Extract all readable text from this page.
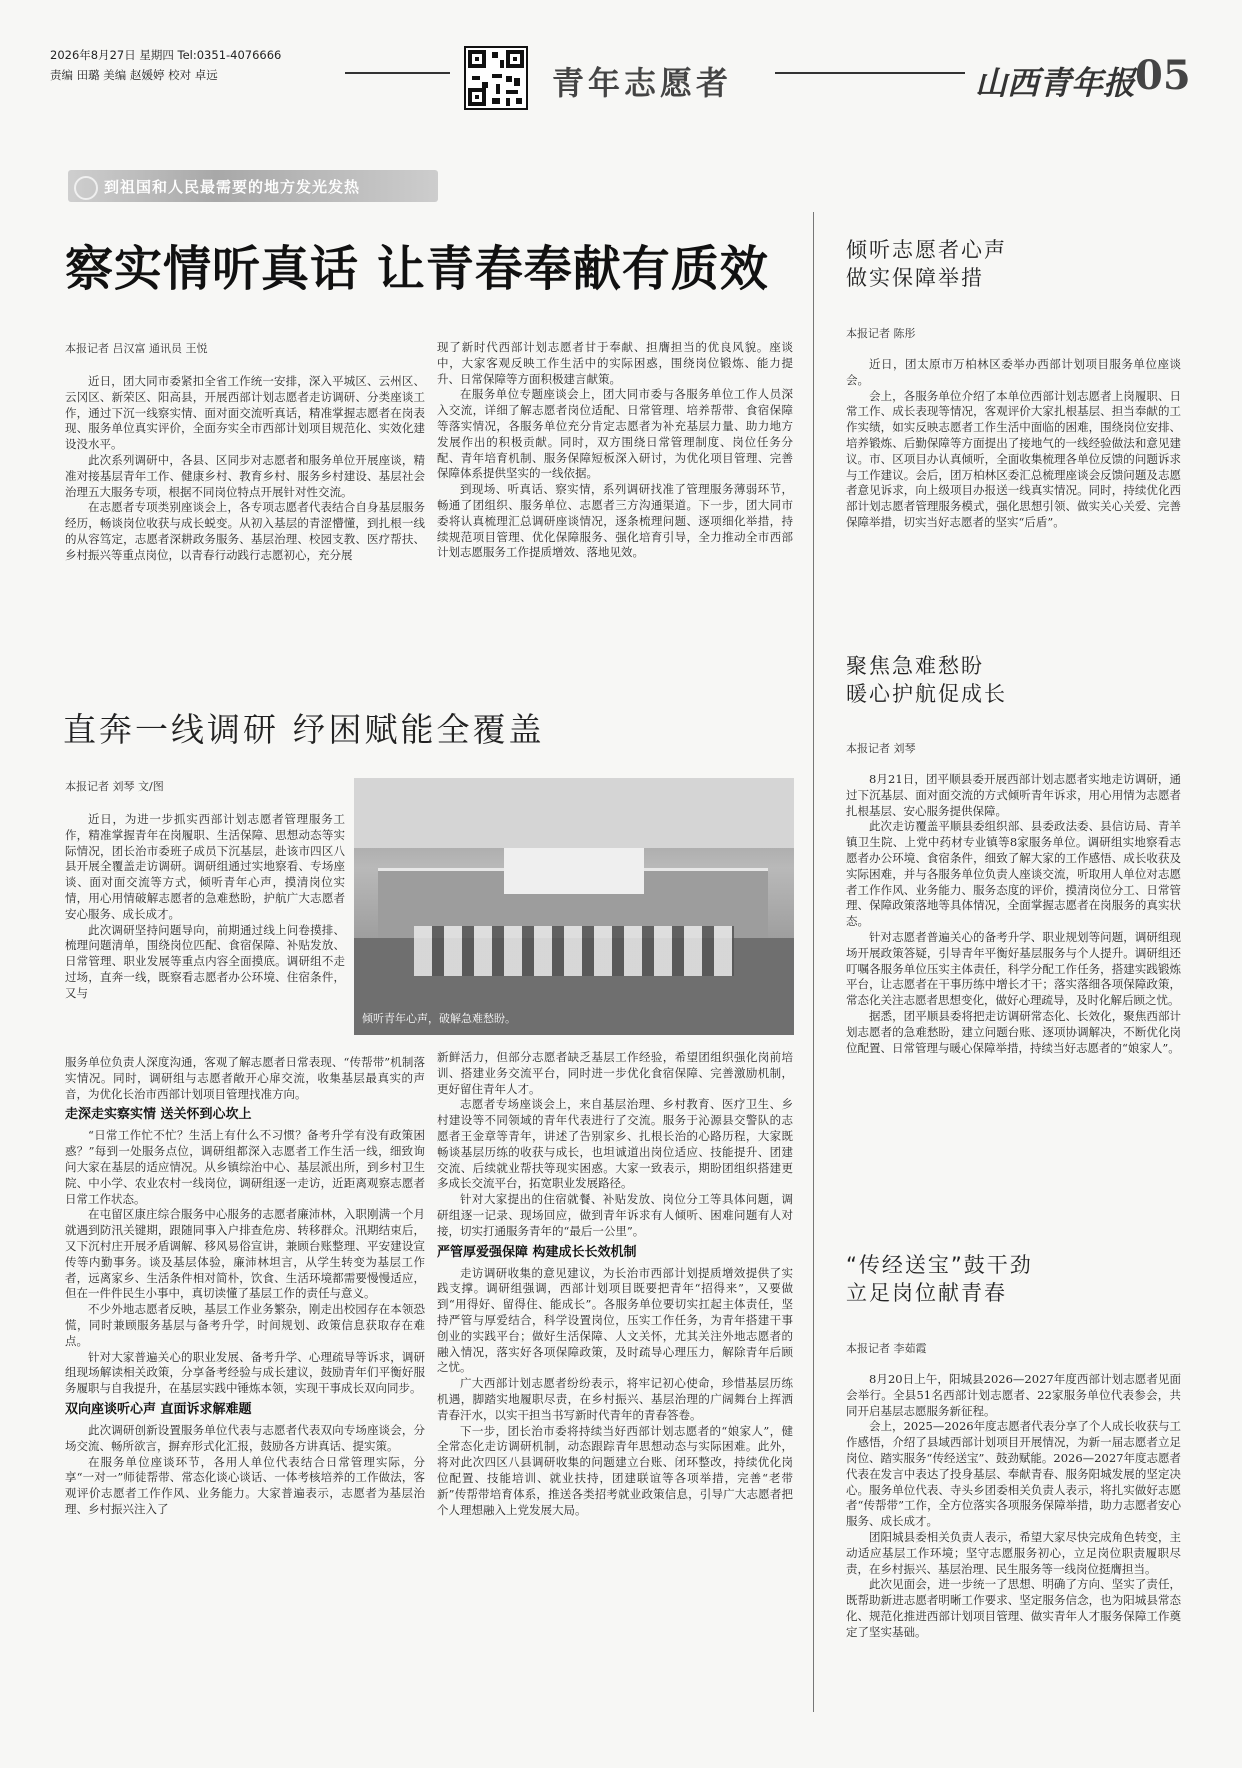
2026年8月27日 星期四 Tel:0351-4076666
责编 田璐 美编 赵媛婷 校对 卓远	青年志愿者	山西青年报 05
到祖国和人民最需要的地方发光发热
察实情听真话 让青春奉献有质效
本报记者 吕汉富 通讯员 王悦

近日，团大同市委紧扣全省工作统一安排，深入平城区、云州区、云冈区、新荣区、阳高县，开展西部计划志愿者走访调研、分类座谈工作，通过下沉一线察实情、面对面交流听真话，精准掌握志愿者在岗表现、服务单位真实评价，全面夯实全市西部计划项目规范化、实效化建设没水平。

此次系列调研中，各县、区同步对志愿者和服务单位开展座谈，精准对接基层青年工作、健康乡村、教育乡村、服务乡村建设、基层社会治理五大服务专项，根据不同岗位特点开展针对性交流。

在志愿者专项类别座谈会上，各专项志愿者代表结合自身基层服务经历，畅谈岗位收获与成长蜕变。从初入基层的青涩懵懂，到扎根一线的从容笃定，志愿者深耕政务服务、基层治理、校园支教、医疗帮扶、乡村振兴等重点岗位，以青春行动践行志愿初心，充分展

现了新时代西部计划志愿者甘于奉献、担膺担当的优良风貌。座谈中，大家客观反映工作生活中的实际困惑，围绕岗位锻炼、能力提升、日常保障等方面积极建言献策。

在服务单位专题座谈会上，团大同市委与各服务单位工作人员深入交流，详细了解志愿者岗位适配、日常管理、培养帮带、食宿保障等落实情况，各服务单位充分肯定志愿者为补充基层力量、助力地方发展作出的积极贡献。同时，双方围绕日常管理制度、岗位任务分配、青年培育机制、服务保障短板深入研讨，为优化项目管理、完善保障体系提供坚实的一线依据。

到现场、听真话、察实情，系列调研找准了管理服务薄弱环节，畅通了团组织、服务单位、志愿者三方沟通渠道。下一步，团大同市委将认真梳理汇总调研座谈情况，逐条梳理问题、逐项细化举措，持续规范项目管理、优化保障服务、强化培育引导，全力推动全市西部计划志愿服务工作提质增效、落地见效。

直奔一线调研 纾困赋能全覆盖
本报记者 刘琴 文/图
倾听青年心声，破解急难愁盼。

近日，为进一步抓实西部计划志愿者管理服务工作，精准掌握青年在岗履职、生活保障、思想动态等实际情况，团长治市委班子成员下沉基层，赴该市四区八县开展全覆盖走访调研。调研组通过实地察看、专场座谈、面对面交流等方式，倾听青年心声，摸清岗位实情，用心用情破解志愿者的急难愁盼，护航广大志愿者安心服务、成长成才。

此次调研坚持问题导向，前期通过线上问卷摸排、梳理问题清单，围绕岗位匹配、食宿保障、补贴发放、日常管理、职业发展等重点内容全面摸底。调研组不走过场，直奔一线，既察看志愿者办公环境、住宿条件，又与

服务单位负责人深度沟通，客观了解志愿者日常表现、“传帮带”机制落实情况。同时，调研组与志愿者敞开心扉交流，收集基层最真实的声音，为优化长治市西部计划项目管理找准方向。

走深走实察实情 送关怀到心坎上

“日常工作忙不忙？生活上有什么不习惯？备考升学有没有政策困惑？”每到一处服务点位，调研组都深入志愿者工作生活一线，细致询问大家在基层的适应情况。从乡镇综治中心、基层派出所，到乡村卫生院、中小学、农业农村一线岗位，调研组逐一走访，近距离观察志愿者日常工作状态。

在屯留区康庄综合服务中心服务的志愿者廉沛林，入职刚满一个月就遇到防汛关键期，跟随同事入户排查危房、转移群众。汛期结束后，又下沉村庄开展矛盾调解、移风易俗宣讲，兼顾台账整理、平安建设宣传等内勤事务。谈及基层体验，廉沛林坦言，从学生转变为基层工作者，远离家乡、生活条件相对简朴，饮食、生活环境都需要慢慢适应，但在一件件民生小事中，真切读懂了基层工作的责任与意义。

不少外地志愿者反映，基层工作业务繁杂，刚走出校园存在本领恐慌，同时兼顾服务基层与备考升学，时间规划、政策信息获取存在难点。

针对大家普遍关心的职业发展、备考升学、心理疏导等诉求，调研组现场解读相关政策，分享备考经验与成长建议，鼓励青年们平衡好服务履职与自我提升，在基层实践中锤炼本领，实现干事成长双向同步。

双向座谈听心声 直面诉求解难题

此次调研创新设置服务单位代表与志愿者代表双向专场座谈会，分场交流、畅所欲言，摒弃形式化汇报，鼓励各方讲真话、提实策。

在服务单位座谈环节，各用人单位代表结合日常管理实际，分享“一对一”师徒帮带、常态化谈心谈话、一体考核培养的工作做法，客观评价志愿者工作作风、业务能力。大家普遍表示，志愿者为基层治理、乡村振兴注入了

新鲜活力，但部分志愿者缺乏基层工作经验，希望团组织强化岗前培训、搭建业务交流平台，同时进一步优化食宿保障、完善激励机制，更好留住青年人才。

志愿者专场座谈会上，来自基层治理、乡村教育、医疗卫生、乡村建设等不同领域的青年代表进行了交流。服务于沁源县交警队的志愿者王金章等青年，讲述了告别家乡、扎根长治的心路历程，大家既畅谈基层历练的收获与成长，也坦诚道出岗位适应、技能提升、团建交流、后续就业帮扶等现实困惑。大家一致表示，期盼团组织搭建更多成长交流平台，拓宽职业发展路径。

针对大家提出的住宿就餐、补贴发放、岗位分工等具体问题，调研组逐一记录、现场回应，做到青年诉求有人倾听、困难问题有人对接，切实打通服务青年的“最后一公里”。

严管厚爱强保障 构建成长长效机制

走访调研收集的意见建议，为长治市西部计划提质增效提供了实践支撑。调研组强调，西部计划项目既要把青年“招得来”，又要做到“用得好、留得住、能成长”。各服务单位要切实扛起主体责任，坚持严管与厚爱结合，科学设置岗位，压实工作任务，为青年搭建干事创业的实践平台；做好生活保障、人文关怀，尤其关注外地志愿者的融入情况，落实好各项保障政策，及时疏导心理压力，解除青年后顾之忧。

广大西部计划志愿者纷纷表示，将牢记初心使命，珍惜基层历练机遇，脚踏实地履职尽责，在乡村振兴、基层治理的广阔舞台上挥洒青春汗水，以实干担当书写新时代青年的青春答卷。

下一步，团长治市委将持续当好西部计划志愿者的“娘家人”，健全常态化走访调研机制，动态跟踪青年思想动态与实际困难。此外，将对此次四区八县调研收集的问题建立台账、闭环整改，持续优化岗位配置、技能培训、就业扶持，团建联谊等各项举措，完善“老带新”传帮带培育体系，推送各类招考就业政策信息，引导广大志愿者把个人理想融入上党发展大局。

倾听志愿者心声
做实保障举措
本报记者 陈彤

近日，团太原市万柏林区委举办西部计划项目服务单位座谈会。

会上，各服务单位介绍了本单位西部计划志愿者上岗履职、日常工作、成长表现等情况，客观评价大家扎根基层、担当奉献的工作实绩，如实反映志愿者工作生活中面临的困难，围绕岗位安排、培养锻炼、后勤保障等方面提出了接地气的一线经验做法和意见建议。市、区项目办认真倾听，全面收集梳理各单位反馈的问题诉求与工作建议。会后，团万柏林区委汇总梳理座谈会反馈问题及志愿者意见诉求，向上级项目办报送一线真实情况。同时，持续优化西部计划志愿者管理服务模式，强化思想引领、做实关心关爱、完善保障举措，切实当好志愿者的坚实“后盾”。

聚焦急难愁盼
暖心护航促成长
本报记者 刘琴

8月21日，团平顺县委开展西部计划志愿者实地走访调研，通过下沉基层、面对面交流的方式倾听青年诉求，用心用情为志愿者扎根基层、安心服务提供保障。

此次走访覆盖平顺县委组织部、县委政法委、县信访局、青羊镇卫生院、上党中药材专业镇等8家服务单位。调研组实地察看志愿者办公环境、食宿条件，细致了解大家的工作感悟、成长收获及实际困难，并与各服务单位负责人座谈交流，听取用人单位对志愿者工作作风、业务能力、服务态度的评价，摸清岗位分工、日常管理、保障政策落地等具体情况，全面掌握志愿者在岗服务的真实状态。

针对志愿者普遍关心的备考升学、职业规划等问题，调研组现场开展政策答疑，引导青年平衡好基层服务与个人提升。调研组还叮嘱各服务单位压实主体责任，科学分配工作任务，搭建实践锻炼平台，让志愿者在干事历练中增长才干；落实落细各项保障政策，常态化关注志愿者思想变化，做好心理疏导，及时化解后顾之忧。

据悉，团平顺县委将把走访调研常态化、长效化，聚焦西部计划志愿者的急难愁盼，建立问题台账、逐项协调解决，不断优化岗位配置、日常管理与暖心保障举措，持续当好志愿者的“娘家人”。

“传经送宝”鼓干劲
立足岗位献青春
本报记者 李茹霞

8月20日上午，阳城县2026—2027年度西部计划志愿者见面会举行。全县51名西部计划志愿者、22家服务单位代表参会，共同开启基层志愿服务新征程。

会上，2025—2026年度志愿者代表分享了个人成长收获与工作感悟，介绍了县域西部计划项目开展情况，为新一届志愿者立足岗位、踏实服务“传经送宝”、鼓劲赋能。2026—2027年度志愿者代表在发言中表达了投身基层、奉献青春、服务阳城发展的坚定决心。服务单位代表、寺头乡团委相关负责人表示，将扎实做好志愿者“传帮带”工作，全方位落实各项服务保障举措，助力志愿者安心服务、成长成才。

团阳城县委相关负责人表示，希望大家尽快完成角色转变，主动适应基层工作环境；坚守志愿服务初心，立足岗位职责履职尽责，在乡村振兴、基层治理、民生服务等一线岗位挺膺担当。

此次见面会，进一步统一了思想、明确了方向、坚实了责任，既帮助新进志愿者明晰工作要求、坚定服务信念，也为阳城县常态化、规范化推进西部计划项目管理、做实青年人才服务保障工作奠定了坚实基础。
